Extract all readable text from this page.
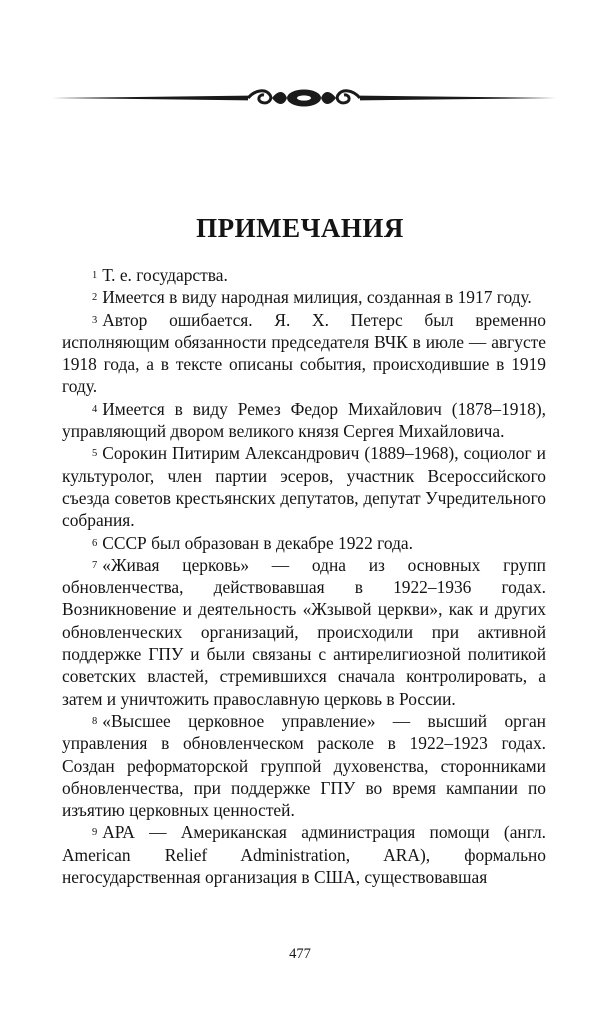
ПРИМЕЧАНИЯ

$^1$ Т. е. государства.

$^2$ Имеется в виду народная милиция, созданная в 1917 году.

$^3$ Автор ошибается. Я. Х. Петерс был временно исполняющим обязанности председателя ВЧК в июле — августе 1918 года, а в тексте описаны события, происходившие в 1919 году.

$^4$ Имеется в виду Ремез Федор Михайлович (1878–1918), управляющий двором великого князя Сергея Михайловича.

$^5$ Сорокин Питирим Александрович (1889–1968), социолог и культуролог, член партии эсеров, участник Всероссийского съезда советов крестьянских депутатов, депутат Учредительного собрания.

$^6$ СССР был образован в декабре 1922 года.

$^7$ «Живая церковь» — одна из основных групп обновленчества, действовавшая в 1922–1936 годах. Возникновение и деятельность «Жзывой церкви», как и других обновленческих организаций, происходили при активной поддержке ГПУ и были связаны с антирелигиозной политикой советских властей, стремившихся сначала контролировать, а затем и уничтожить православную церковь в России.

$^8$ «Высшее церковное управление» — высший орган управления в обновленческом расколе в 1922–1923 годах. Создан реформаторской группой духовенства, сторонниками обновленчества, при поддержке ГПУ во время кампании по изъятию церковных ценностей.

$^9$ АРА — Американская администрация помощи (англ. American Relief Administration, ARA), формально негосударственная организация в США, существовавшая

477
